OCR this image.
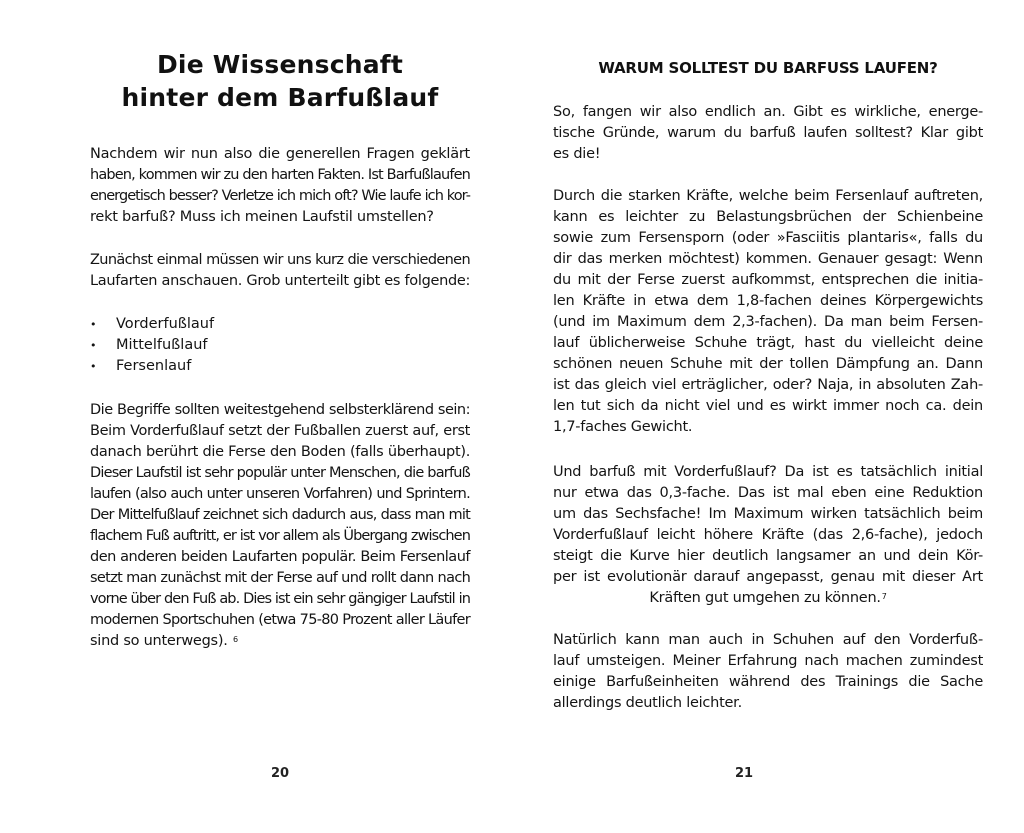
Die Wissenschaft
hinter dem Barfußlauf
Nachdem wir nun also die generellen Fragen geklärt
haben, kommen wir zu den harten Fakten. Ist Barfußlaufen
energetisch besser? Verletze ich mich oft? Wie laufe ich kor-
rekt barfuß? Muss ich meinen Laufstil umstellen?
Zunächst einmal müssen wir uns kurz die verschiedenen
Laufarten anschauen. Grob unterteilt gibt es folgende:
• Vorderfußlauf
• Mittelfußlauf
• Fersenlauf
Die Begriffe sollten weitestgehend selbsterklärend sein:
Beim Vorderfußlauf setzt der Fußballen zuerst auf, erst
danach berührt die Ferse den Boden (falls überhaupt).
Dieser Laufstil ist sehr populär unter Menschen, die barfuß
laufen (also auch unter unseren Vorfahren) und Sprintern.
Der Mittelfußlauf zeichnet sich dadurch aus, dass man mit
flachem Fuß auftritt, er ist vor allem als Übergang zwischen
den anderen beiden Laufarten populär. Beim Fersenlauf
setzt man zunächst mit der Ferse auf und rollt dann nach
vorne über den Fuß ab. Dies ist ein sehr gängiger Laufstil in
modernen Sportschuhen (etwa 75-80 Prozent aller Läufer
sind so unterwegs). $^6$
20
WARUM SOLLTEST DU BARFUSS LAUFEN?
So, fangen wir also endlich an. Gibt es wirkliche, energe-
tische Gründe, warum du barfuß laufen solltest? Klar gibt
es die!
Durch die starken Kräfte, welche beim Fersenlauf auftreten,
kann es leichter zu Belastungsbrüchen der Schienbeine
sowie zum Fersensporn (oder »Fasciitis plantaris«, falls du
dir das merken möchtest) kommen. Genauer gesagt: Wenn
du mit der Ferse zuerst aufkommst, entsprechen die initia-
len Kräfte in etwa dem 1,8-fachen deines Körpergewichts
(und im Maximum dem 2,3-fachen). Da man beim Fersen-
lauf üblicherweise Schuhe trägt, hast du vielleicht deine
schönen neuen Schuhe mit der tollen Dämpfung an. Dann
ist das gleich viel erträglicher, oder? Naja, in absoluten Zah-
len tut sich da nicht viel und es wirkt immer noch ca. dein
1,7-faches Gewicht.
Und barfuß mit Vorderfußlauf? Da ist es tatsächlich initial
nur etwa das 0,3-fache. Das ist mal eben eine Reduktion
um das Sechsfache! Im Maximum wirken tatsächlich beim
Vorderfußlauf leicht höhere Kräfte (das 2,6-fache), jedoch
steigt die Kurve hier deutlich langsamer an und dein Kör-
per ist evolutionär darauf angepasst, genau mit dieser Art
Kräften gut umgehen zu können.$^7$
Natürlich kann man auch in Schuhen auf den Vorderfuß-
lauf umsteigen. Meiner Erfahrung nach machen zumindest
einige Barfußeinheiten während des Trainings die Sache
allerdings deutlich leichter.
21
